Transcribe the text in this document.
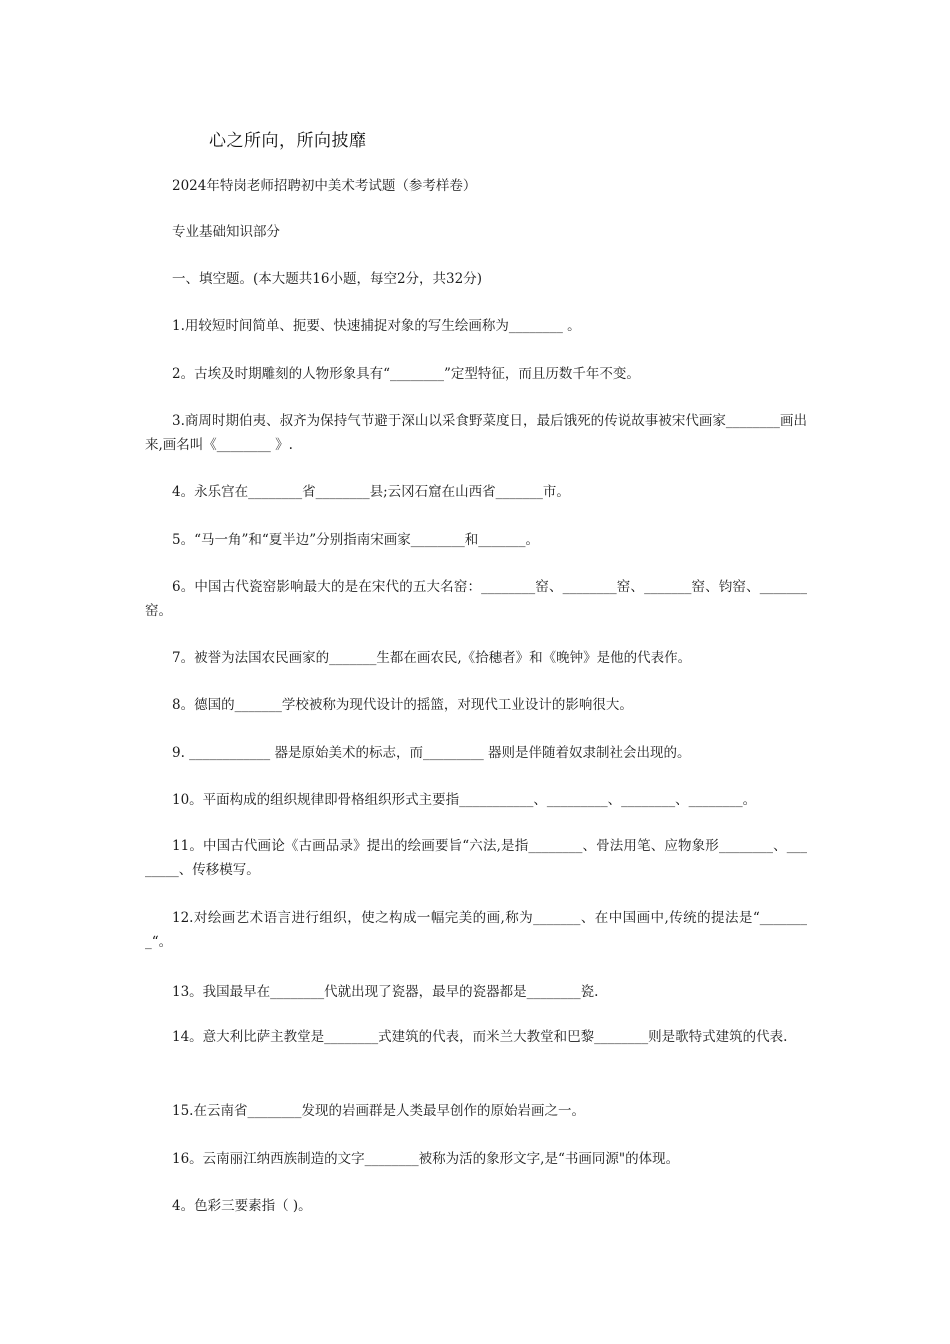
心之所向，所向披靡
2024年特岗老师招聘初中美术考试题（参考样卷）
专业基础知识部分
一、填空题。(本大题共16小题，每空2分，共32分)
1.用较短时间简单、扼要、快速捕捉对象的写生绘画称为________ 。
2。古埃及时期雕刻的人物形象具有“________”定型特征，而且历数千年不变。
3.商周时期伯夷、叔齐为保持气节避于深山以采食野菜度日，最后饿死的传说故事被宋代画家________画出来,画名叫《________ 》.
4。永乐宫在________省________县;云冈石窟在山西省_______市。
5。“马一角”和“夏半边”分别指南宋画家________和_______。
6。中国古代瓷窑影响最大的是在宋代的五大名窑：________窑、________窑、_______窑、钧窑、_______窑。
7。被誉为法国农民画家的_______生都在画农民,《拾穗者》和《晚钟》是他的代表作。
8。德国的_______学校被称为现代设计的摇篮，对现代工业设计的影响很大。
9. ____________ 器是原始美术的标志，而_________ 器则是伴随着奴隶制社会出现的。
10。平面构成的组织规律即骨格组织形式主要指___________、_________、________、________。
11。中国古代画论《古画品录》提出的绘画要旨“六法,是指________、骨法用笔、应物象形________、________、传移模写。
12.对绘画艺术语言进行组织，使之构成一幅完美的画,称为_______、在中国画中,传统的提法是“________“。
13。我国最早在________代就出现了瓷器，最早的瓷器都是________瓷.
14。意大利比萨主教堂是________式建筑的代表，而米兰大教堂和巴黎________则是歌特式建筑的代表.
15.在云南省________发现的岩画群是人类最早创作的原始岩画之一。
16。云南丽江纳西族制造的文字________被称为活的象形文字,是“书画同源"的体现。
4。色彩三要素指（ )。
